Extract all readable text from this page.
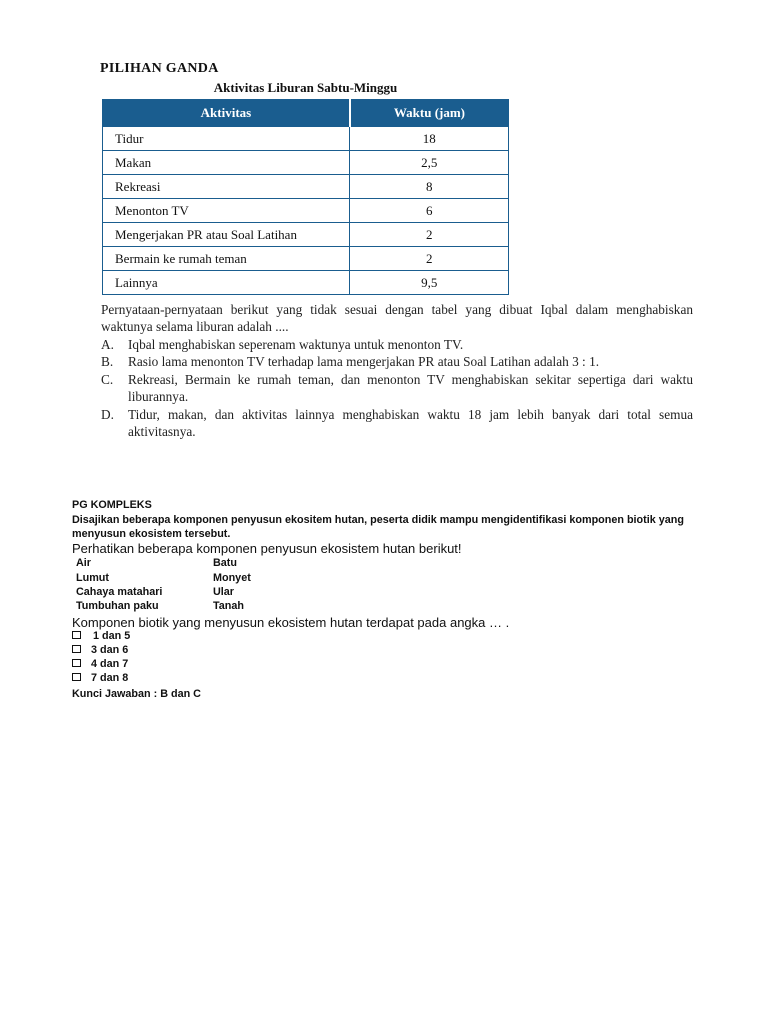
PILIHAN GANDA
Aktivitas Liburan Sabtu-Minggu
Aktivitas	Waktu (jam)
Tidur	18
Makan	2,5
Rekreasi	8
Menonton TV	6
Mengerjakan PR atau Soal Latihan	2
Bermain ke rumah teman	2
Lainnya	9,5
Pernyataan-pernyataan berikut yang tidak sesuai dengan tabel yang dibuat Iqbal dalam menghabiskan waktunya selama liburan adalah ....
A. Iqbal menghabiskan seperenam waktunya untuk menonton TV.
B. Rasio lama menonton TV terhadap lama mengerjakan PR atau Soal Latihan adalah 3 : 1.
C. Rekreasi, Bermain ke rumah teman, dan menonton TV menghabiskan sekitar sepertiga dari waktu liburannya.
D. Tidur, makan, dan aktivitas lainnya menghabiskan waktu 18 jam lebih banyak dari total semua aktivitasnya.
PG KOMPLEKS
Disajikan beberapa komponen penyusun ekositem hutan, peserta didik mampu mengidentifikasi komponen biotik yang menyusun ekosistem tersebut.
Perhatikan beberapa komponen penyusun ekosistem hutan berikut!
Air	Batu
Lumut	Monyet
Cahaya matahari	Ular
Tumbuhan paku	Tanah
Komponen biotik yang menyusun ekosistem hutan terdapat pada angka … .
1 dan 5
3 dan 6
4 dan 7
7 dan 8
Kunci Jawaban : B dan C
